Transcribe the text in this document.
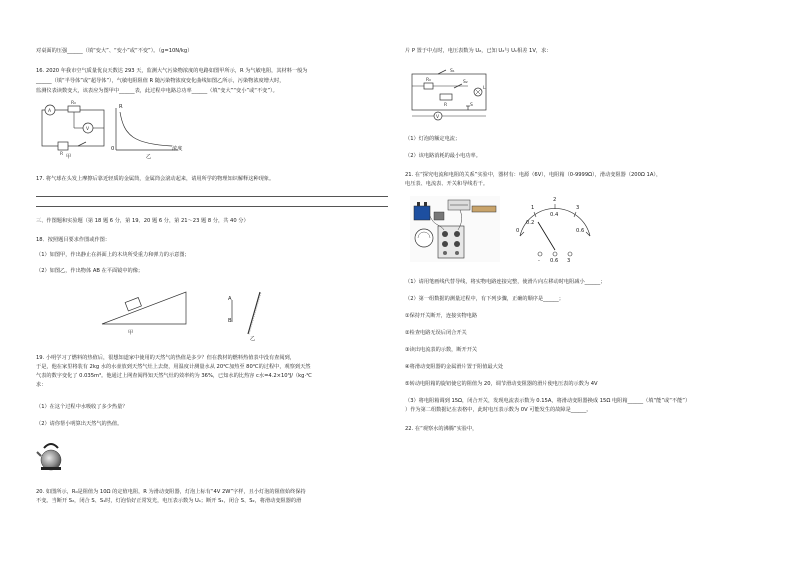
对桌面的压强______（填“变大”、“变小”或“不变”）。（g=10N/kg）
16. 2020 年我市空气质量优良天数达 293 天，监测大气污染物浓度的电路如图甲所示，R 为气敏电阻，其材料一般为
______（填“半导体”或“超导体”），气敏电阻阻值 R 随污染物浓度变化曲线如图乙所示，污染物浓度增大时，
监测仪表读数变大，该表应为图甲中______表，此过程中电路总功率______（填“变大”“变小”或“不变”）。
A
R₀
V
R 甲
R
0	浓度
乙
17. 将气球在头发上摩擦后靠近轻质的金属筒，金属筒会滚动起来，请用所学的物理知识解释这种现象。
三、作图题和实验题（第 18 题 6 分，第 19、20 题 6 分，第 21～23 题 8 分，共 40 分）
18．按照题目要求作图或作图：
（1）如图甲，作出静止在斜面上的木块所受重力和弹力的示意图；
（2）如图乙，作出物体 AB 在平面镜中的像；
甲
A
B
乙
19. 小明学习了燃料的热值后，很想知道家中使用的天然气的热值是多少？但在教材的燃料热值表中没有查阅到，
于是，他在家里将装有 2kg 水的水壶放到天然气灶上去烧，用温度计测量水从 20℃加热至 80℃的过程中，观察到天然
气表的数字变化了 0.035m³。他通过上网查阅得知天然气灶的效率约为 36%，已知水的比热容 c水=4.2×10³J/（kg·℃
求：
（1）在这个过程中水吸收了多少热量？
（2）请你帮小明算出天然气的热值。
20. 如图所示，R₀是阻值为 10Ω 的定值电阻，R 为滑动变阻器，灯泡上标有“4V 2W”字样，且小灯泡的阻值始终保持
不变。当断开 S₂，闭合 S、S₁时，灯泡恰好正常发光，电压表示数为 U₁；断开 S₁，闭合 S、S₂，将滑动变阻器的滑
片 P 置于中点时，电压表数为 U₂，已知 U₂与 U₁相差 1V，求：
S₁
R₀
R
S₂
L
V
S
（1）灯泡的额定电流；
（2）该电路消耗的最小电功率。
21. 在“探究电流和电阻的关系”实验中，器材有：电源（6V），电阻箱（0-9999Ω），滑动变阻器（200Ω 1A），
电压表、电流表、开关和导线若干。
0
1
2
3
0.2
0.4
0.6
- 0.6 3
（1）请用笔画线代替导线，将实物电路连接完整，使滑片向左移动时电阻减小______；
（2）第一组数据的测量过程中，有下列步骤，正确的顺序是______；
①保持开关断开，连接实物电路
②检查电路无误后闭合开关
③读出电流表的示数，断开开关
④将滑动变阻器的金属滑片置于阻值最大处
⑤转动电阻箱的旋钮使它的阻值为 20，调节滑动变阻器的滑片使电压表的示数为 4V
（3）将电阻箱调到 15Ω，闭合开关，发现电流表示数为 0.15A，将滑动变阻器换成 15Ω 电阻箱______（填“能”或“不能”）
）作为第二组数据记在表格中，此时电压表示数为 0V 可能发生的故障是______。
22. 在“观察水的沸腾”实验中，
